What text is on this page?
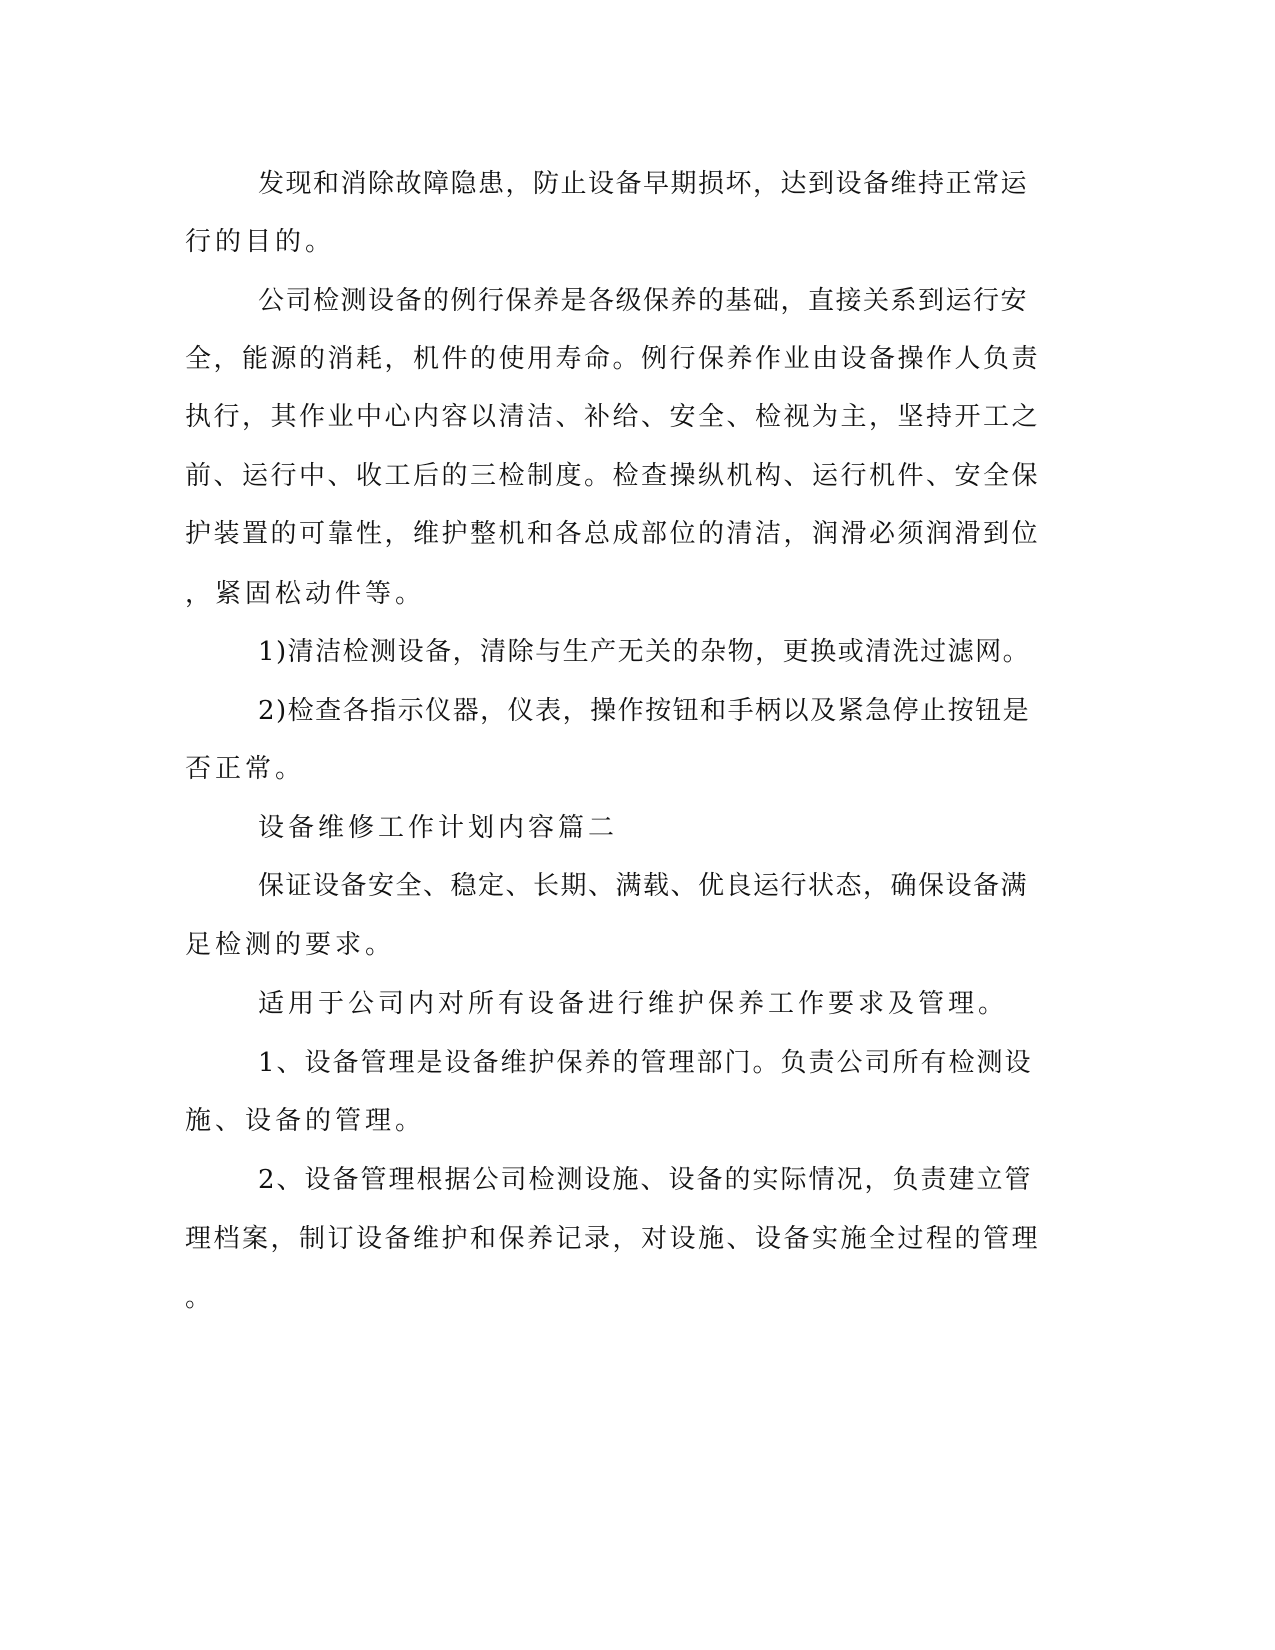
发现和消除故障隐患，防止设备早期损坏，达到设备维持正常运

行的目的。

公司检测设备的例行保养是各级保养的基础，直接关系到运行安

全，能源的消耗，机件的使用寿命。例行保养作业由设备操作人负责

执行，其作业中心内容以清洁、补给、安全、检视为主，坚持开工之

前、运行中、收工后的三检制度。检查操纵机构、运行机件、安全保

护装置的可靠性，维护整机和各总成部位的清洁，润滑必须润滑到位

，紧固松动件等。

1)清洁检测设备，清除与生产无关的杂物，更换或清洗过滤网。

2)检查各指示仪器，仪表，操作按钮和手柄以及紧急停止按钮是

否正常。

设备维修工作计划内容篇二

保证设备安全、稳定、长期、满载、优良运行状态，确保设备满

足检测的要求。

适用于公司内对所有设备进行维护保养工作要求及管理。

1、设备管理是设备维护保养的管理部门。负责公司所有检测设

施、设备的管理。

2、设备管理根据公司检测设施、设备的实际情况，负责建立管

理档案，制订设备维护和保养记录，对设施、设备实施全过程的管理

。
